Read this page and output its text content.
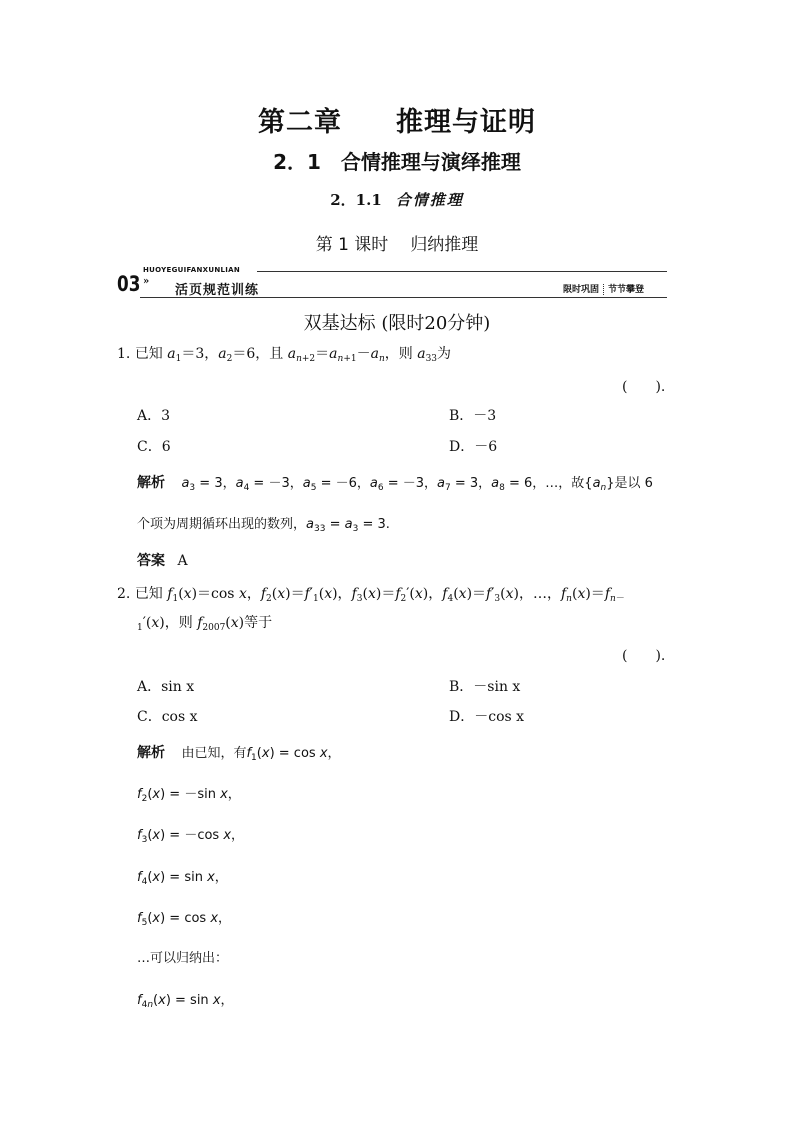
第二章 推理与证明
2．1　合情推理与演绎推理
2．1.1 合情推理
第 1 课时 归纳推理
HUOYEGUIFANXUNLIAN
03 »
活页规范训练	限时巩固 节节攀登
双基达标 (限时20分钟)
1. 已知 $a_1=3$，$a_2=6$，且 $a_{n+2}=a_{n+1}-a_n$，则 $a_{33}$为
(　　).
A．3	B．－3
C．6	D．－6
解析 $a_3 = 3$，$a_4 = -3$，$a_5 = -6$，$a_6 = -3$，$a_7 = 3$，$a_8 = 6$，…，故$\{a_n\}$是以 6
个项为周期循环出现的数列，$a_{33} = a_3 = 3$.
答案 A
2. 已知 $f_1(x)=\cos$ x，$f_2(x)=f'_1(x)$，$f_3(x)=f_2'(x)$，$f_4(x)=f'_3(x)$，…，$f_n(x)=f_{n-}$
$_1$′(x)，则 $f_{2007}(x)$等于
(　　).
A．sin x	B．－sin x
C．cos x	D．－cos x
解析 由已知，有$f_1(x) = \cos x$，
$f_2(x) = -\sin$ x，
$f_3(x) = -\cos$ x，
$f_4(x) = \sin x$，
$f_5(x) = \cos x$，
…可以归纳出：
$f_{4n}(x) = \sin x$，
